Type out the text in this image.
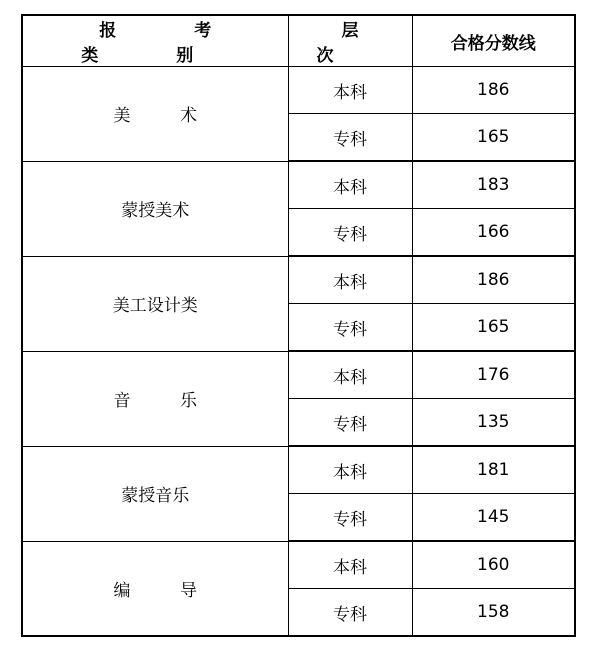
报 考 类 别	层 次	合格分数线
美 术	本科	186
	专科	165
蒙授美术	本科	183
	专科	166
美工设计类	本科	186
	专科	165
音 乐	本科	176
	专科	135
蒙授音乐	本科	181
	专科	145
编 导	本科	160
	专科	158
